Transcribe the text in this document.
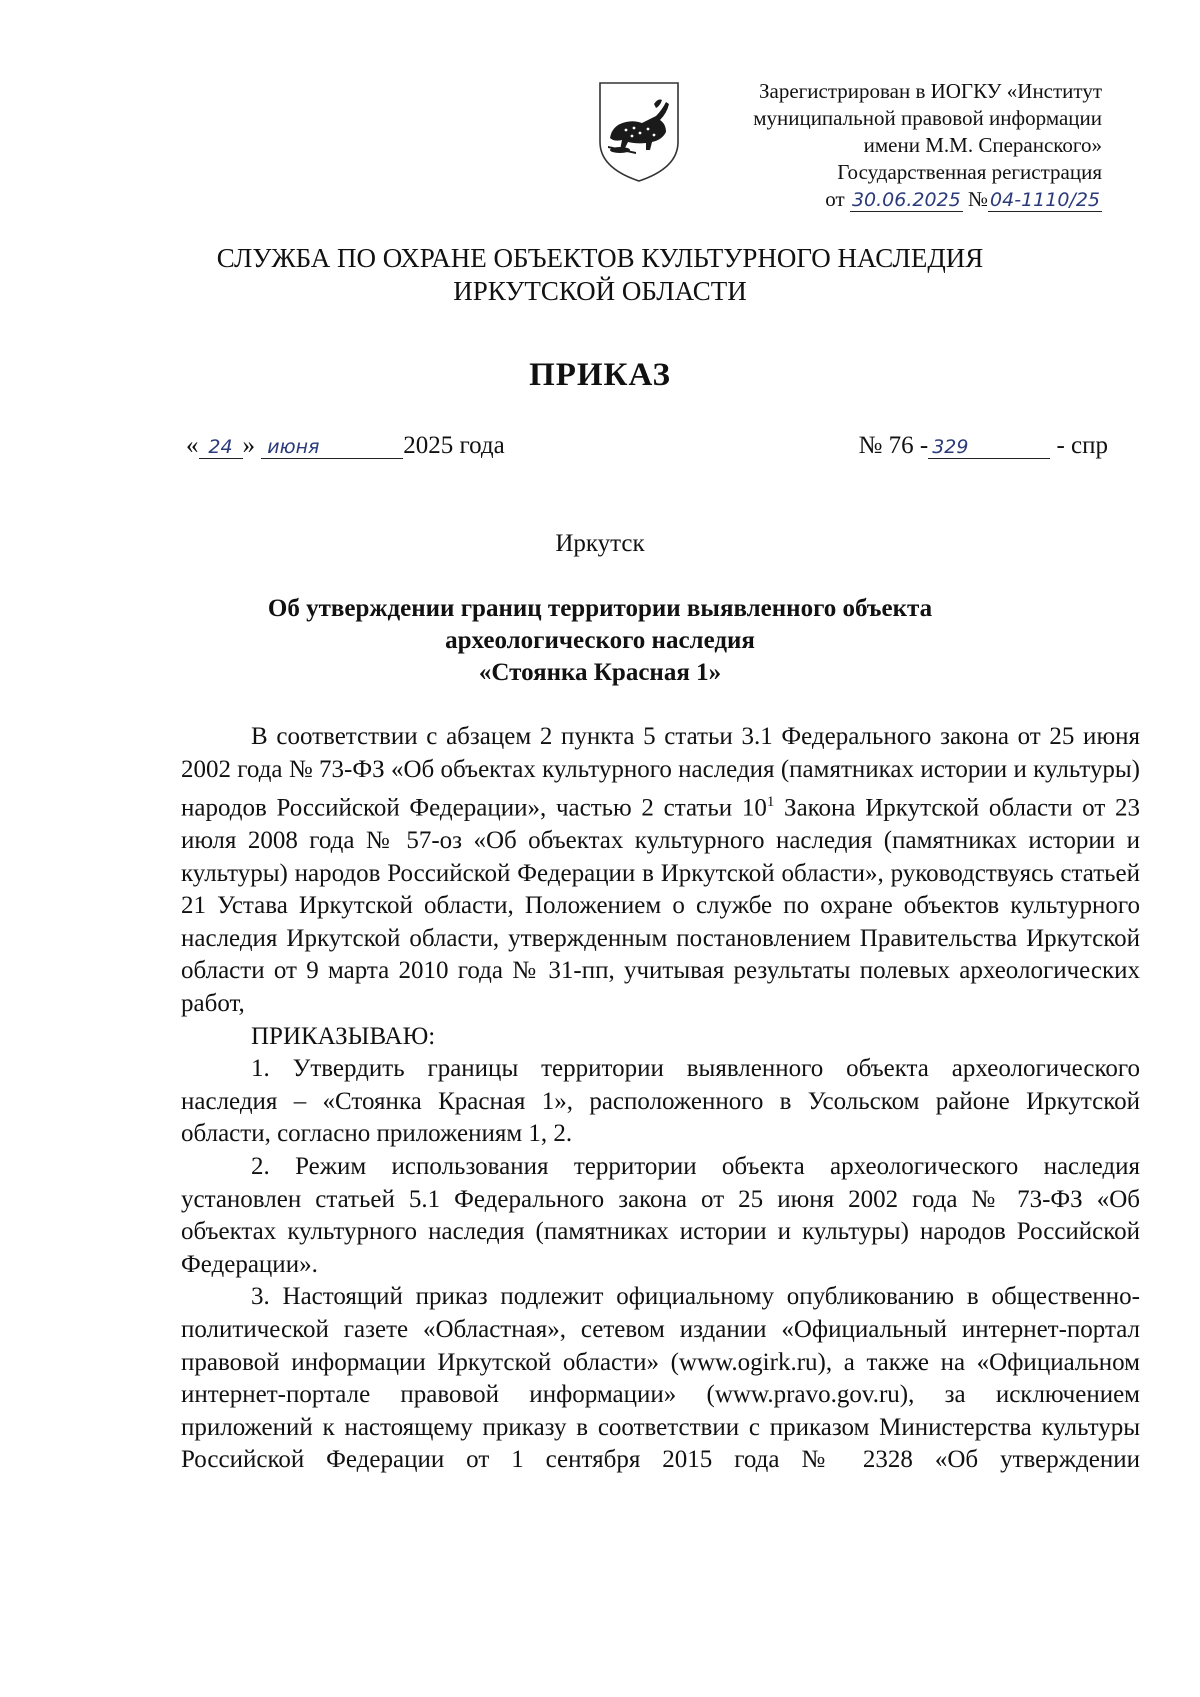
Зарегистрирован в ИОГКУ «Институт
муниципальной правовой информации
имени М.М. Сперанского»
Государственная регистрация
от 30.06.2025 № 04-1110/25
СЛУЖБА ПО ОХРАНЕ ОБЪЕКТОВ КУЛЬТУРНОГО НАСЛЕДИЯ
ИРКУТСКОЙ ОБЛАСТИ
ПРИКАЗ
« 24 » июня	2025 года	№ 76 - 329	- спр
Иркутск
Об утверждении границ территории выявленного объекта
археологического наследия
«Стоянка Красная 1»

В соответствии с абзацем 2 пункта 5 статьи 3.1 Федерального закона от 25 июня 2002 года № 73-ФЗ «Об объектах культурного наследия (памятниках истории и культуры) народов Российской Федерации», частью 2 статьи $10^1$ Закона Иркутской области от 23 июля 2008 года № 57-оз «Об объектах культурного наследия (памятниках истории и культуры) народов Российской Федерации в Иркутской области», руководствуясь статьей 21 Устава Иркутской области, Положением о службе по охране объектов культурного наследия Иркутской области, утвержденным постановлением Правительства Иркутской области от 9 марта 2010 года № 31-пп, учитывая результаты полевых археологических работ,

ПРИКАЗЫВАЮ:

1. Утвердить границы территории выявленного объекта археологического наследия – «Стоянка Красная 1», расположенного в Усольском районе Иркутской области, согласно приложениям 1, 2.

2. Режим использования территории объекта археологического наследия установлен статьей 5.1 Федерального закона от 25 июня 2002 года № 73-ФЗ «Об объектах культурного наследия (памятниках истории и культуры) народов Российской Федерации».

3. Настоящий приказ подлежит официальному опубликованию в общественно-политической газете «Областная», сетевом издании «Официальный интернет-портал правовой информации Иркутской области» (www.ogirk.ru), а также на «Официальном интернет-портале правовой информации» (www.pravo.gov.ru), за исключением приложений к настоящему приказу в соответствии с приказом Министерства культуры Российской Федерации от 1 сентября 2015 года № 2328 «Об утверждении
